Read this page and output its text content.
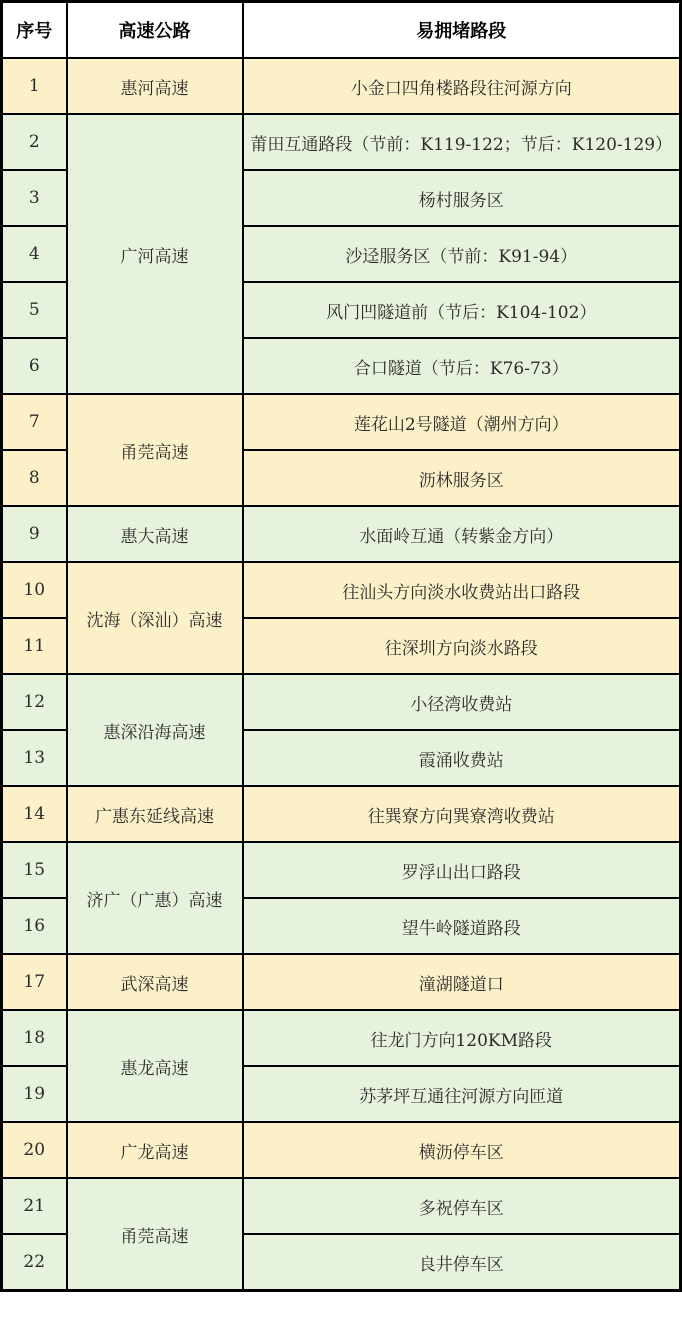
序号	高速公路	易拥堵路段
1	惠河高速	小金口四角楼路段往河源方向
2	广河高速	莆田互通路段（节前：K119-122；节后：K120-129）
3		杨村服务区
4		沙迳服务区（节前：K91-94）
5		风门凹隧道前（节后：K104-102）
6		合口隧道（节后：K76-73）
7	甬莞高速	莲花山2号隧道（潮州方向）
8		沥林服务区
9	惠大高速	水面岭互通（转紫金方向）
10	沈海（深汕）高速	往汕头方向淡水收费站出口路段
11		往深圳方向淡水路段
12	惠深沿海高速	小径湾收费站
13		霞涌收费站
14	广惠东延线高速	往巽寮方向巽寮湾收费站
15	济广（广惠）高速	罗浮山出口路段
16		望牛岭隧道路段
17	武深高速	潼湖隧道口
18	惠龙高速	往龙门方向120KM路段
19		苏茅坪互通往河源方向匝道
20	广龙高速	横沥停车区
21	甬莞高速	多祝停车区
22		良井停车区
